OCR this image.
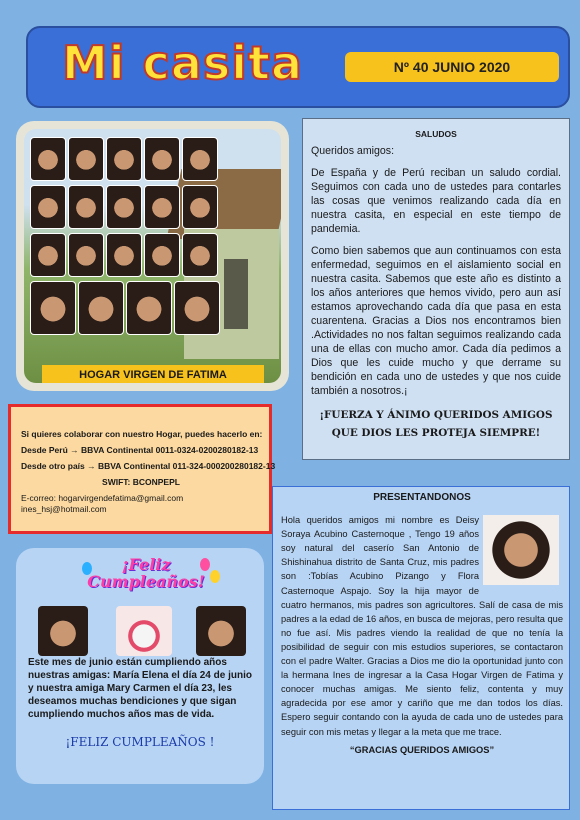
Mi casita	Nº 40 JUNIO 2020
HOGAR VIRGEN DE FATIMA
Si quieres colaborar con nuestro Hogar, puedes hacerlo en:
Desde Perú → BBVA Continental 0011-0324-0200280182-13
Desde otro país → BBVA Continental 011-324-000200280182-13
SWIFT: BCONPEPL
E-correo: hogarvirgendefatima@gmail.com
ines_hsj@hotmail.com
SALUDOS

Queridos amigos:

De España y de Perú reciban un saludo cordial. Seguimos con cada uno de ustedes para contarles las cosas que venimos realizando cada día en nuestra casita, en especial en este tiempo de pandemia.

Como bien sabemos que aun continuamos con esta enfermedad, seguimos en el aislamiento social en nuestra casita. Sabemos que este año es distinto a los años anteriores que hemos vivido, pero aun así estamos aprovechando cada día que pasa en esta cuarentena. Gracias a Dios nos encontramos bien .Actividades no nos faltan seguimos realizando cada una de ellas con mucho amor. Cada día pedimos a Dios que les cuide mucho y que derrame su bendición en cada uno de ustedes y que nos cuide también a nosotros.¡

¡FUERZA Y ÁNIMO QUERIDOS AMIGOS QUE DIOS LES PROTEJA SIEMPRE!
¡Feliz Cumpleaños!
Este mes de junio están cumpliendo años nuestras amigas: María Elena el día 24 de junio y nuestra amiga Mary Carmen el día 23, les deseamos muchas bendiciones y que sigan cumpliendo muchos años mas de vida.
¡FELIZ CUMPLEAÑOS !
PRESENTANDONOS

Hola queridos amigos mi nombre es Deisy Soraya Acubino Casternoque , Tengo 19 años soy natural del caserío San Antonio de Shishinahua distrito de Santa Cruz, mis padres son :Tobías Acubino Pizango y Flora Casternoque Aspajo. Soy la hija mayor de cuatro hermanos, mis padres son agricultores. Salí de casa de mis padres a la edad de 16 años, en busca de mejoras, pero resulta que no fue así. Mis padres viendo la realidad de que no tenía la posibilidad de seguir con mis estudios superiores, se contactaron con el padre Walter. Gracias a Dios me dio la oportunidad junto con la hermana Ines de ingresar a la Casa Hogar Virgen de Fatima y conocer muchas amigas. Me siento feliz, contenta y muy agradecida por ese amor y cariño que me dan todos los días. Espero seguir contando con la ayuda de cada uno de ustedes para seguir con mis metas y llegar a la meta que me trace.

“GRACIAS QUERIDOS AMIGOS”
